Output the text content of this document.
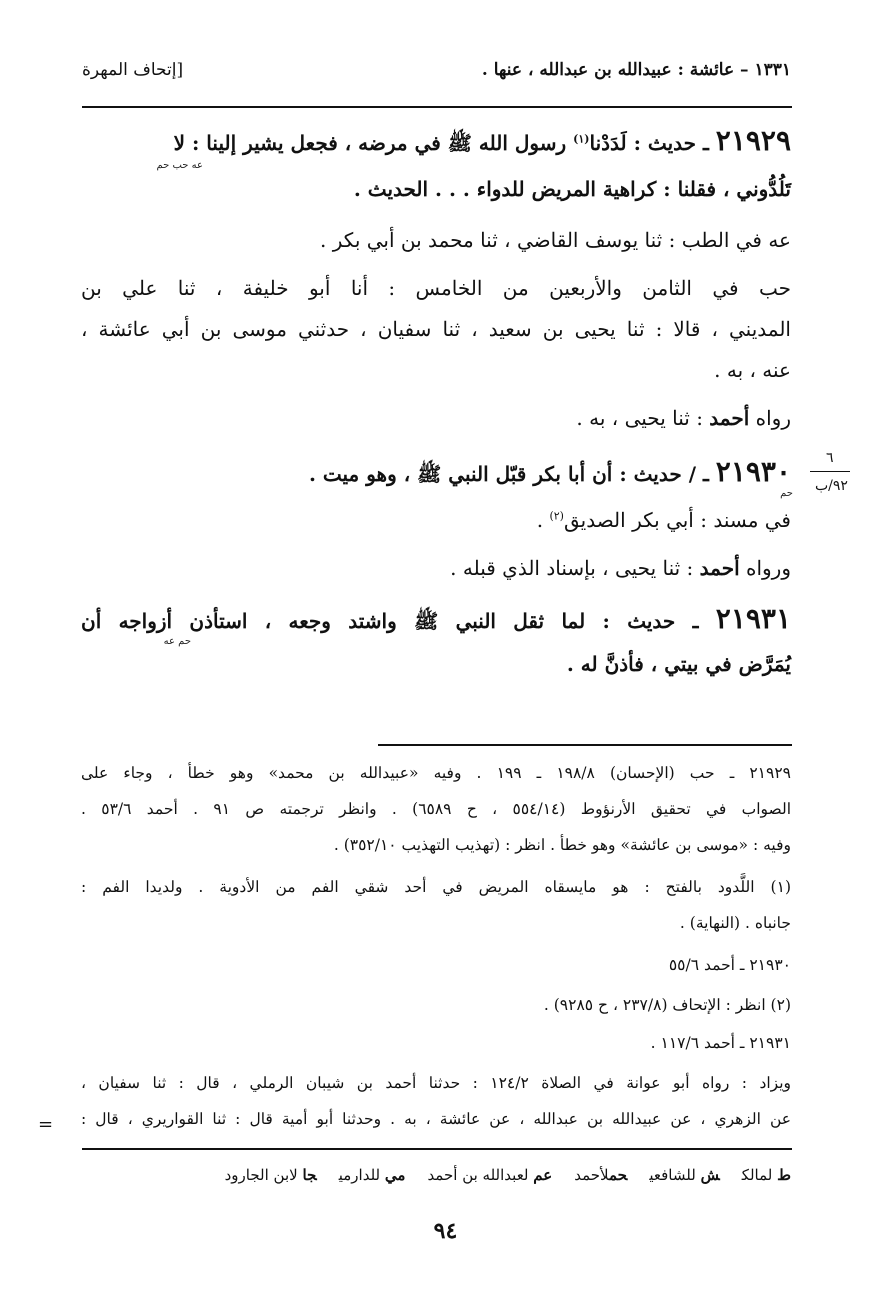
١٣٣١ – عائشة : عبيدالله بن عبدالله ، عنها .
[إتحاف المهرة
٢١٩٢٩ ـ حديث : لَدَدْنا$^{(١)}$ رسول الله ﷺ في مرضه ، فجعل يشير إلينا : لا
عه حب حم
تَلُدُّوني ، فقلنا : كراهية المريض للدواء . . . الحديث .
عه في الطب : ثنا يوسف القاضي ، ثنا محمد بن أبي بكر .
حب في الثامن والأربعين من الخامس : أنا أبو خليفة ، ثنا علي بن
المديني ، قالا : ثنا يحيى بن سعيد ، ثنا سفيان ، حدثني موسى بن أبي عائشة ،
عنه ، به .
رواه أحمد : ثنا يحيى ، به .
٦
٩٢/ب
٢١٩٣٠ ـ / حديث : أن أبا بكر قبّل النبي ﷺ ، وهو ميت .
حم
في مسند : أبي بكر الصديق$^{(٢)}$ .
ورواه أحمد : ثنا يحيى ، بإسناد الذي قبله .
٢١٩٣١ ـ حديث : لما ثقل النبي ﷺ واشتد وجعه ، استأذن أزواجه أن
حم عه
يُمَرَّض في بيتي ، فأذنَّ له .
٢١٩٢٩ ـ حب (الإحسان) ١٩٨/٨ ـ ١٩٩ . وفيه «عبيدالله بن محمد» وهو خطأ ، وجاء على
الصواب في تحقيق الأرنؤوط (٥٥٤/١٤ ، ح ٦٥٨٩) . وانظر ترجمته ص ٩١ . أحمد ٥٣/٦ .
وفيه : «موسى بن عائشة» وهو خطأ . انظر : (تهذيب التهذيب ٣٥٢/١٠) .
(١) اللَّدود بالفتح : هو مايسقاه المريض في أحد شقي الفم من الأدوية . ولديدا الفم :
جانباه . (النهاية) .
٢١٩٣٠ ـ أحمد ٥٥/٦
(٢) انظر : الإتحاف (٢٣٧/٨ ، ح ٩٢٨٥) .
٢١٩٣١ ـ أحمد ١١٧/٦ .
ويزاد : رواه أبو عوانة في الصلاة ١٢٤/٢ : حدثنا أحمد بن شيبان الرملي ، قال : ثنا سفيان ،
عن الزهري ، عن عبيدالله بن عبدالله ، عن عائشة ، به . وحدثنا أبو أمية قال : ثنا القواريري ، قال :
=
ط لمالكش للشافعيحملأحمدعم لعبدالله بن أحمدمي للدارميجا لابن الجارود
٩٤
